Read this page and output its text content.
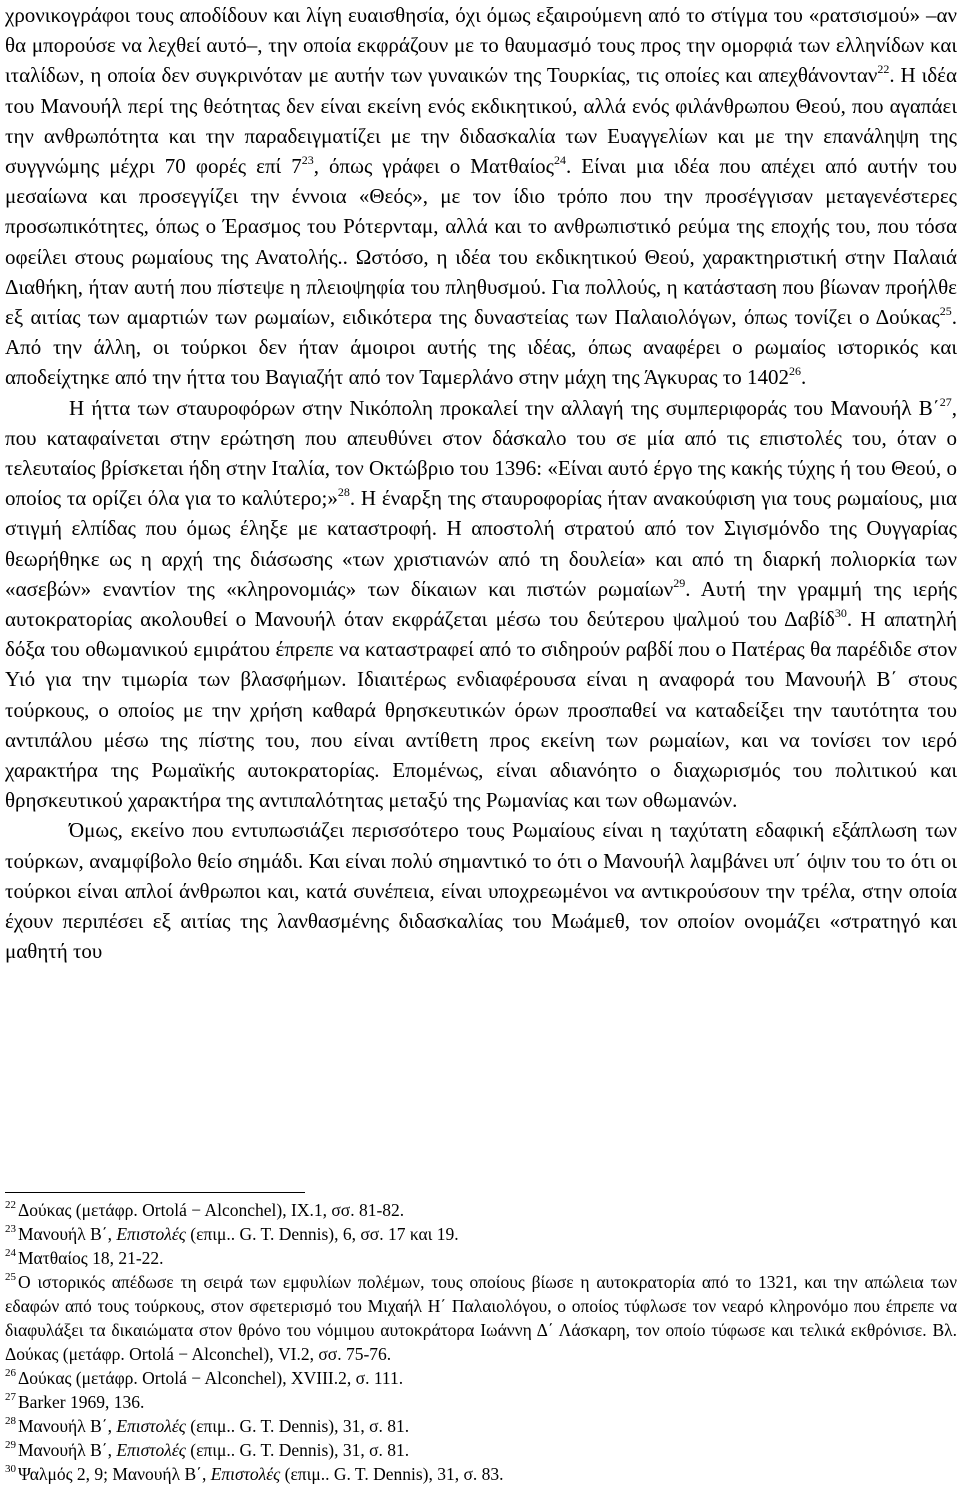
χρονικογράφοι τους αποδίδουν και λίγη ευαισθησία, όχι όμως εξαιρούμενη από το στίγμα του «ρατσισμού» –αν θα μπορούσε να λεχθεί αυτό–, την οποία εκφράζουν με το θαυμασμό τους προς την ομορφιά των ελληνίδων και ιταλίδων, η οποία δεν συγκρινόταν με αυτήν των γυναικών της Τουρκίας, τις οποίες και απεχθάνονταν$^{22}$. Η ιδέα του Μανουήλ περί της θεότητας δεν είναι εκείνη ενός εκδικητικού, αλλά ενός φιλάνθρωπου Θεού, που αγαπάει την ανθρωπότητα και την παραδειγματίζει με την διδασκαλία των Ευαγγελίων και με την επανάληψη της συγγνώμης μέχρι 70 φορές επί $7^{23}$, όπως γράφει ο Ματθαίος$^{24}$. Είναι μια ιδέα που απέχει από αυτήν του μεσαίωνα και προσεγγίζει την έννοια «Θεός», με τον ίδιο τρόπο που την προσέγγισαν μεταγενέστερες προσωπικότητες, όπως ο Έρασμος του Ρότερνταμ, αλλά και το ανθρωπιστικό ρεύμα της εποχής του, που τόσα οφείλει στους ρωμαίους της Ανατολής.. Ωστόσο, η ιδέα του εκδικητικού Θεού, χαρακτηριστική στην Παλαιά Διαθήκη, ήταν αυτή που πίστεψε η πλειοψηφία του πληθυσμού. Για πολλούς, η κατάσταση που βίωναν προήλθε εξ αιτίας των αμαρτιών των ρωμαίων, ειδικότερα της δυναστείας των Παλαιολόγων, όπως τονίζει ο Δούκας$^{25}$. Από την άλλη, οι τούρκοι δεν ήταν άμοιροι αυτής της ιδέας, όπως αναφέρει ο ρωμαίος ιστορικός και αποδείχτηκε από την ήττα του Βαγιαζήτ από τον Ταμερλάνο στην μάχη της Άγκυρας το 1402$^{26}$.

Η ήττα των σταυροφόρων στην Νικόπολη προκαλεί την αλλαγή της συμπεριφοράς του Μανουήλ Β΄$^{27}$, που καταφαίνεται στην ερώτηση που απευθύνει στον δάσκαλο του σε μία από τις επιστολές του, όταν ο τελευταίος βρίσκεται ήδη στην Ιταλία, τον Οκτώβριο του 1396: «Είναι αυτό έργο της κακής τύχης ή του Θεού, ο οποίος τα ορίζει όλα για το καλύτερο;»$^{28}$. Η έναρξη της σταυροφορίας ήταν ανακούφιση για τους ρωμαίους, μια στιγμή ελπίδας που όμως έληξε με καταστροφή. Η αποστολή στρατού από τον Σιγισμόνδο της Ουγγαρίας θεωρήθηκε ως η αρχή της διάσωσης «των χριστιανών από τη δουλεία» και από τη διαρκή πολιορκία των «ασεβών» εναντίον της «κληρονομιάς» των δίκαιων και πιστών ρωμαίων$^{29}$. Αυτή την γραμμή της ιερής αυτοκρατορίας ακολουθεί ο Μανουήλ όταν εκφράζεται μέσω του δεύτερου ψαλμού του Δαβίδ$^{30}$. Η απατηλή δόξα του οθωμανικού εμιράτου έπρεπε να καταστραφεί από το σιδηρούν ραβδί που ο Πατέρας θα παρέδιδε στον Υιό για την τιμωρία των βλασφήμων. Ιδιαιτέρως ενδιαφέρουσα είναι η αναφορά του Μανουήλ Β΄ στους τούρκους, ο οποίος με την χρήση καθαρά θρησκευτικών όρων προσπαθεί να καταδείξει την ταυτότητα του αντιπάλου μέσω της πίστης του, που είναι αντίθετη προς εκείνη των ρωμαίων, και να τονίσει τον ιερό χαρακτήρα της Ρωμαϊκής αυτοκρατορίας. Επομένως, είναι αδιανόητο ο διαχωρισμός του πολιτικού και θρησκευτικού χαρακτήρα της αντιπαλότητας μεταξύ της Ρωμανίας και των οθωμανών.

Όμως, εκείνο που εντυπωσιάζει περισσότερο τους Ρωμαίους είναι η ταχύτατη εδαφική εξάπλωση των τούρκων, αναμφίβολο θείο σημάδι. Και είναι πολύ σημαντικό το ότι ο Μανουήλ λαμβάνει υπ΄ όψιν του το ότι οι τούρκοι είναι απλοί άνθρωποι και, κατά συνέπεια, είναι υποχρεωμένοι να αντικρούσουν την τρέλα, στην οποία έχουν περιπέσει εξ αιτίας της λανθασμένης διδασκαλίας του Μωάμεθ, τον οποίον ονομάζει «στρατηγό και μαθητή του

$^{22}$ Δούκας (μετάφρ. Ortolá − Alconchel), IX.1, σσ. 81-82.

$^{23}$ Μανουήλ Β΄, Επιστολές (επιμ.. G. T. Dennis), 6, σσ. 17 και 19.

$^{24}$ Ματθαίος 18, 21-22.

$^{25}$ Ο ιστορικός απέδωσε τη σειρά των εμφυλίων πολέμων, τους οποίους βίωσε η αυτοκρατορία από το 1321, και την απώλεια των εδαφών από τους τούρκους, στον σφετερισμό του Μιχαήλ Η΄ Παλαιολόγου, ο οποίος τύφλωσε τον νεαρό κληρονόμο που έπρεπε να διαφυλάξει τα δικαιώματα στον θρόνο του νόμιμου αυτοκράτορα Ιωάννη Δ΄ Λάσκαρη, τον οποίο τύφωσε και τελικά εκθρόνισε. Βλ. Δούκας (μετάφρ. Ortolá − Alconchel), VI.2, σσ. 75-76.

$^{26}$ Δούκας (μετάφρ. Ortolá − Alconchel), XVIII.2, σ. 111.

$^{27}$ Barker 1969, 136.

$^{28}$ Μανουήλ Β΄, Επιστολές (επιμ.. G. T. Dennis), 31, σ. 81.

$^{29}$ Μανουήλ Β΄, Επιστολές (επιμ.. G. T. Dennis), 31, σ. 81.

$^{30}$ Ψαλμός 2, 9; Μανουήλ Β΄, Επιστολές (επιμ.. G. T. Dennis), 31, σ. 83.
